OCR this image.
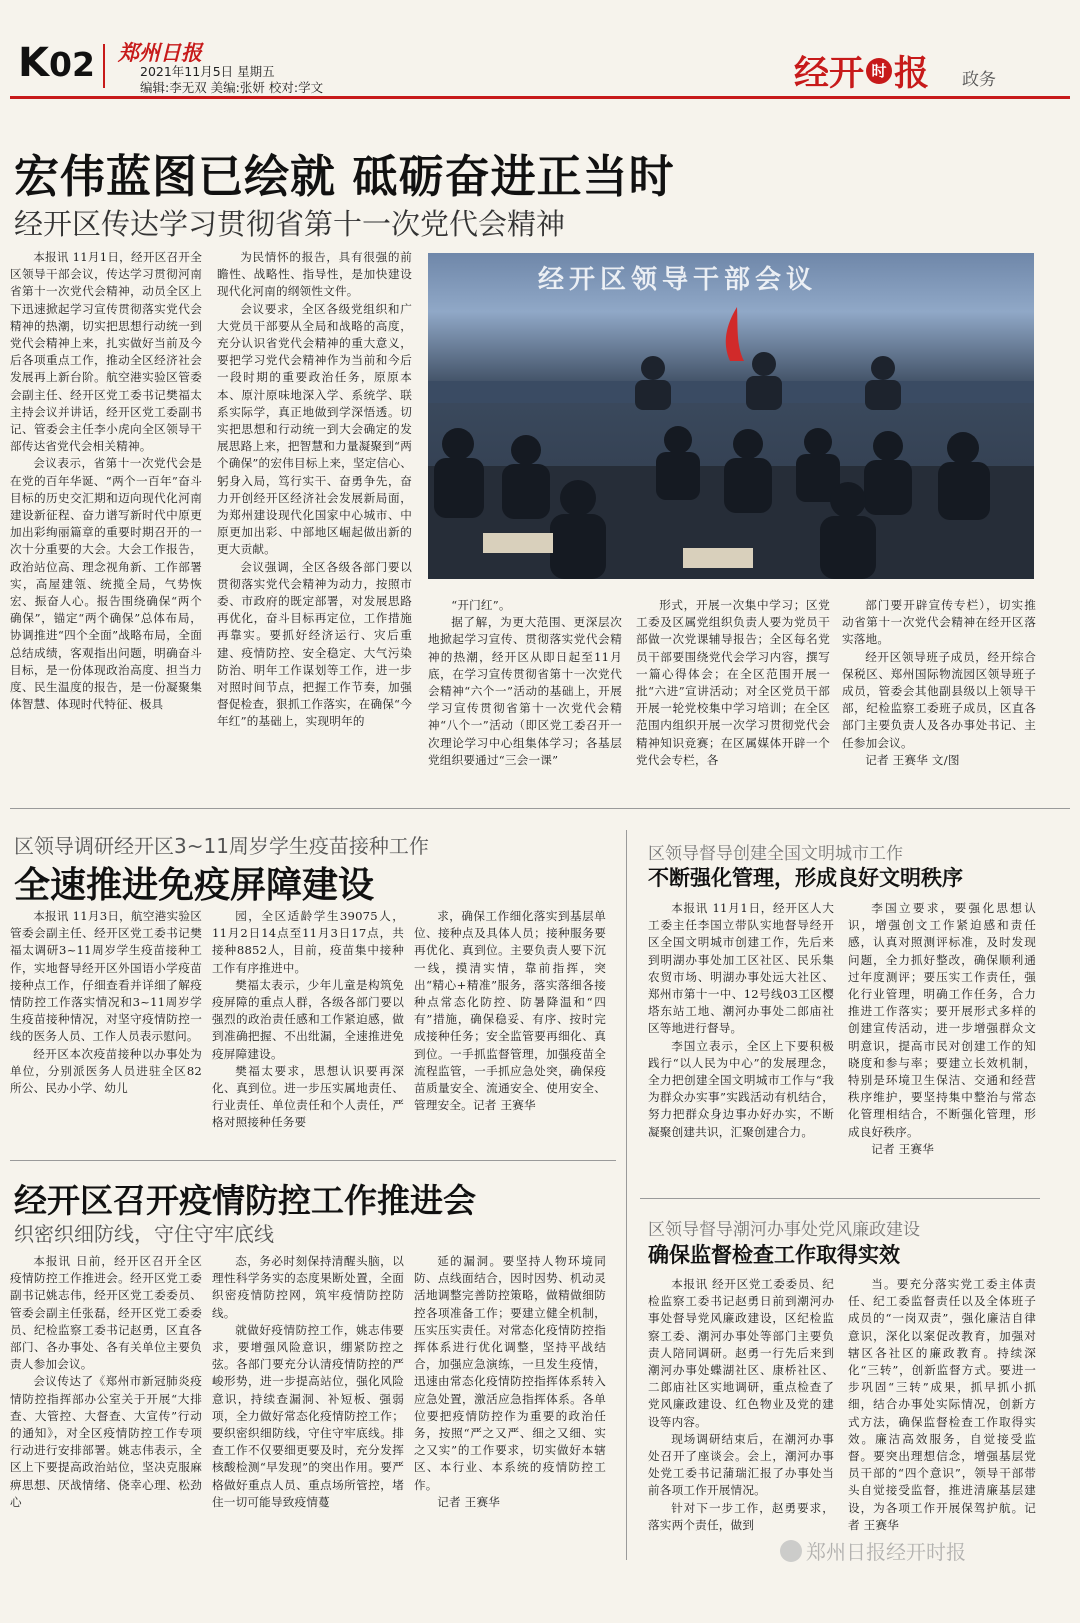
K02 郑州日报
2021年11月5日 星期五
编辑:李无双 美编:张妍 校对:学文	经开 时 报 政务
宏伟蓝图已绘就 砥砺奋进正当时
经开区传达学习贯彻省第十一次党代会精神

本报讯 11月1日，经开区召开全区领导干部会议，传达学习贯彻河南省第十一次党代会精神，动员全区上下迅速掀起学习宣传贯彻落实党代会精神的热潮，切实把思想行动统一到党代会精神上来，扎实做好当前及今后各项重点工作，推动全区经济社会发展再上新台阶。航空港实验区管委会副主任、经开区党工委书记樊福太主持会议并讲话，经开区党工委副书记、管委会主任李小虎向全区领导干部传达省党代会相关精神。

会议表示，省第十一次党代会是在党的百年华诞、“两个一百年”奋斗目标的历史交汇期和迈向现代化河南建设新征程、奋力谱写新时代中原更加出彩绚丽篇章的重要时期召开的一次十分重要的大会。大会工作报告，政治站位高、理念视角新、工作部署实，高屋建瓴、统揽全局，气势恢宏、振奋人心。报告围绕确保“两个确保”，锚定“两个确保”总体布局，协调推进“四个全面”战略布局，全面总结成绩，客观指出问题，明确奋斗目标，是一份体现政治高度、担当力度、民生温度的报告，是一份凝聚集体智慧、体现时代特征、极具

为民情怀的报告，具有很强的前瞻性、战略性、指导性，是加快建设现代化河南的纲领性文件。

会议要求，全区各级党组织和广大党员干部要从全局和战略的高度，充分认识省党代会精神的重大意义，要把学习党代会精神作为当前和今后一段时期的重要政治任务，原原本本、原汁原味地深入学、系统学、联系实际学，真正地做到学深悟透。切实把思想和行动统一到大会确定的发展思路上来，把智慧和力量凝聚到“两个确保”的宏伟目标上来，坚定信心、躬身入局，笃行实干、奋勇争先，奋力开创经开区经济社会发展新局面，为郑州建设现代化国家中心城市、中原更加出彩、中部地区崛起做出新的更大贡献。

会议强调，全区各级各部门要以贯彻落实党代会精神为动力，按照市委、市政府的既定部署，对发展思路再优化，奋斗目标再定位，工作措施再靠实。要抓好经济运行、灾后重建、疫情防控、安全稳定、大气污染防治、明年工作谋划等工作，进一步对照时间节点，把握工作节奏，加强督促检查，狠抓工作落实，在确保“今年红”的基础上，实现明年的

经开区领导干部会议

“开门红”。

据了解，为更大范围、更深层次地掀起学习宣传、贯彻落实党代会精神的热潮，经开区从即日起至11月底，在学习宣传贯彻省第十一次党代会精神“六个一”活动的基础上，开展学习宣传贯彻省第十一次党代会精神“八个一”活动（即区党工委召开一次理论学习中心组集体学习；各基层党组织要通过“三会一课”

形式，开展一次集中学习；区党工委及区属党组织负责人要为党员干部做一次党课辅导报告；全区每名党员干部要围绕党代会学习内容，撰写一篇心得体会；在全区范围开展一批“六进”宣讲活动；对全区党员干部开展一轮党校集中学习培训；在全区范围内组织开展一次学习贯彻党代会精神知识竞赛；在区属媒体开辟一个党代会专栏，各

部门要开辟宣传专栏），切实推动省第十一次党代会精神在经开区落实落地。

经开区领导班子成员，经开综合保税区、郑州国际物流园区领导班子成员，管委会其他副县级以上领导干部，纪检监察工委班子成员，区直各部门主要负责人及各办事处书记、主任参加会议。

记者 王赛华 文/图

区领导调研经开区3~11周岁学生疫苗接种工作
全速推进免疫屏障建设

本报讯 11月3日，航空港实验区管委会副主任、经开区党工委书记樊福太调研3~11周岁学生疫苗接种工作，实地督导经开区外国语小学疫苗接种点工作，仔细查看并详细了解疫情防控工作落实情况和3~11周岁学生疫苗接种情况，对坚守疫情防控一线的医务人员、工作人员表示慰问。

经开区本次疫苗接种以办事处为单位，分别派医务人员进驻全区82所公、民办小学、幼儿

园，全区适龄学生39075人，11月2日14点至11月3日17点，共接种8852人，目前，疫苗集中接种工作有序推进中。

樊福太表示，少年儿童是构筑免疫屏障的重点人群，各级各部门要以强烈的政治责任感和工作紧迫感，做到准确把握、不出纰漏，全速推进免疫屏障建设。

樊福太要求，思想认识要再深化、真到位。进一步压实属地责任、行业责任、单位责任和个人责任，严格对照接种任务要

求，确保工作细化落实到基层单位、接种点及具体人员；接种服务要再优化、真到位。主要负责人要下沉一线，摸清实情，靠前指挥，突出“精心+精准”服务，落实落细各接种点常态化防控、防暑降温和“四有”措施，确保稳妥、有序、按时完成接种任务；安全监管要再细化、真到位。一手抓监督管理，加强疫苗全流程监管，一手抓应急处突，确保疫苗质量安全、流通安全、使用安全、管理安全。记者 王赛华

区领导督导创建全国文明城市工作
不断强化管理，形成良好文明秩序

本报讯 11月1日，经开区人大工委主任李国立带队实地督导经开区全国文明城市创建工作，先后来到明湖办事处加工区社区、民乐集农贸市场、明湖办事处远大社区、郑州市第十一中、12号线03工区樱塔东站工地、潮河办事处二郎庙社区等地进行督导。

李国立表示，全区上下要积极践行“以人民为中心”的发展理念，全力把创建全国文明城市工作与“我为群众办实事”实践活动有机结合，努力把群众身边事办好办实，不断凝聚创建共识，汇聚创建合力。

李国立要求，要强化思想认识，增强创文工作紧迫感和责任感，认真对照测评标准，及时发现问题，全力抓好整改，确保顺利通过年度测评；要压实工作责任，强化行业管理，明确工作任务，合力推进工作落实；要开展形式多样的创建宣传活动，进一步增强群众文明意识，提高市民对创建工作的知晓度和参与率；要建立长效机制，特别是环境卫生保洁、交通和经营秩序维护，要坚持集中整治与常态化管理相结合，不断强化管理，形成良好秩序。

记者 王赛华

经开区召开疫情防控工作推进会
织密织细防线，守住守牢底线

本报讯 日前，经开区召开全区疫情防控工作推进会。经开区党工委副书记姚志伟，经开区党工委委员、管委会副主任张磊，经开区党工委委员、纪检监察工委书记赵勇，区直各部门、各办事处、各有关单位主要负责人参加会议。

会议传达了《郑州市新冠肺炎疫情防控指挥部办公室关于开展“大排查、大管控、大督查、大宣传”行动的通知》，对全区疫情防控工作专项行动进行安排部署。姚志伟表示，全区上下要提高政治站位，坚决克服麻痹思想、厌战情绪、侥幸心理、松劲心

态，务必时刻保持清醒头脑，以理性科学务实的态度果断处置，全面织密疫情防控网，筑牢疫情防控防线。

就做好疫情防控工作，姚志伟要求，要增强风险意识，绷紧防控之弦。各部门要充分认清疫情防控的严峻形势，进一步提高站位，强化风险意识，持续查漏洞、补短板、强弱项，全力做好常态化疫情防控工作；要织密织细防线，守住守牢底线。排查工作不仅要细更要及时，充分发挥核酸检测“早发现”的突出作用。要严格做好重点人员、重点场所管控，堵住一切可能导致疫情蔓

延的漏洞。要坚持人物环境同防、点线面结合，因时因势、机动灵活地调整完善防控策略，做精做细防控各项准备工作；要建立健全机制，压实压实责任。对常态化疫情防控指挥体系进行优化调整，坚持平战结合，加强应急演练，一旦发生疫情，迅速由常态化疫情防控指挥体系转入应急处置，激活应急指挥体系。各单位要把疫情防控作为重要的政治任务，按照“严之又严、细之又细、实之又实”的工作要求，切实做好本辖区、本行业、本系统的疫情防控工作。

记者 王赛华

区领导督导潮河办事处党风廉政建设
确保监督检查工作取得实效

本报讯 经开区党工委委员、纪检监察工委书记赵勇日前到潮河办事处督导党风廉政建设，区纪检监察工委、潮河办事处等部门主要负责人陪同调研。赵勇一行先后来到潮河办事处蝶湖社区、康桥社区、二郎庙社区实地调研，重点检查了党风廉政建设、红色物业及党的建设等内容。

现场调研结束后，在潮河办事处召开了座谈会。会上，潮河办事处党工委书记蒲瑞汇报了办事处当前各项工作开展情况。

针对下一步工作，赵勇要求，落实两个责任，做到

当。要充分落实党工委主体责任、纪工委监督责任以及全体班子成员的“一岗双责”，强化廉洁自律意识，深化以案促改教育，加强对辖区各社区的廉政教育。持续深化“三转”，创新监督方式。要进一步巩固“三转”成果，抓早抓小抓细，结合办事处实际情况，创新方式方法，确保监督检查工作取得实效。廉洁高效服务，自觉接受监督。要突出理想信念，增强基层党员干部的“四个意识”，领导干部带头自觉接受监督，推进清廉基层建设，为各项工作开展保驾护航。记者 王赛华

郑州日报经开时报
